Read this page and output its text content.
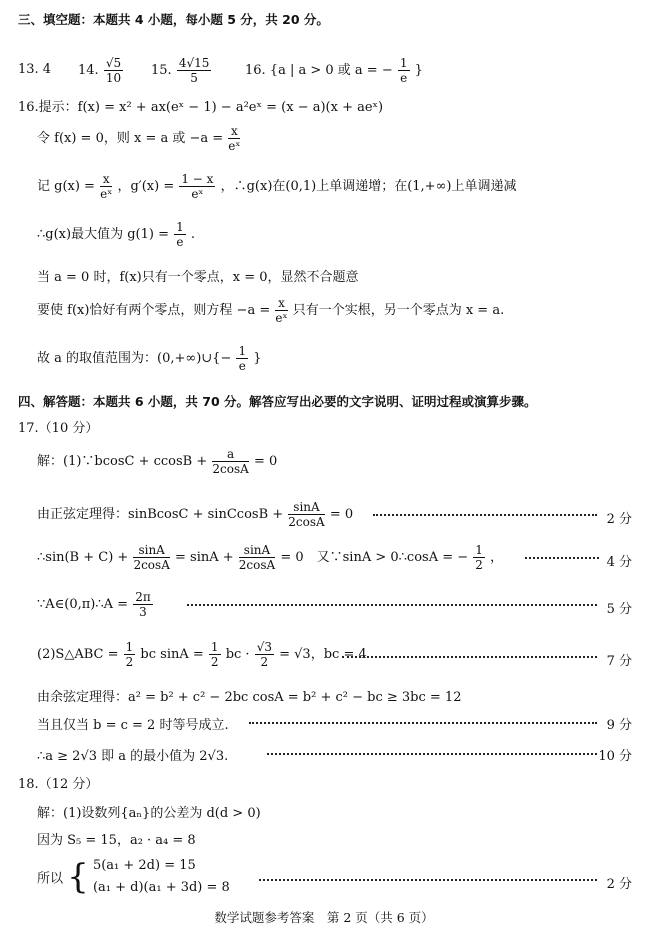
三、填空题：本题共 4 小题，每小题 5 分，共 20 分。
13. 4 14. $\frac{√5}{10} 15$. $\frac{4√15}{5}$	16. {a | a > 0 或 a = − $\frac{1}{e}$ }
16.提示：f(x) = x² + ax(eˣ − 1) − a²eˣ = (x − a)(x + aeˣ)
令 f(x) = 0，则 x = a 或 $-a = \frac{x}{\text{eˣ}}$
记 $g(x) = \frac{x}{\text{eˣ}}$ ，$g'(x) = \frac{1 - x}{\text{eˣ}}$ ，∴g(x)在(0,1)上单调递增；在(1,+∞)上单调递减
∴g(x)最大值为 $g(1) = \frac{1}{e}$ .
当 a = 0 时，f(x)只有一个零点，x = 0，显然不合题意
要使 f(x)恰好有两个零点，则方程 $-a = \frac{x}{\text{eˣ}}$ 只有一个实根，另一个零点为 x = a.
故 a 的取值范围为：(0,+∞)∪{− $\frac{1}{e}$ }
四、解答题：本题共 6 小题，共 70 分。解答应写出必要的文字说明、证明过程或演算步骤。
17.（10 分）
解：(1)∵bcosC + $ccosB + \frac{a}{2\cos A} = 0$
由正弦定理得：sinBcosC + sinCcosB + $\frac{\sin A}{2\cos A} = 0$	2 分
∴sin(B + $C) + \frac{\sin A}{2\cos A} = \sin A + \frac{\sin A}{2\cos A} = 0$　又∵sinA > 0∴cosA = − $\frac{1}{2}$ ，	4 分
∵A∈(0,π)∴A = $\frac{2\pi}{3}$	5 分
(2)S△ABC = $\frac{1}{2}$ bc $\sin A = \frac{1}{2}$ bc · $\frac{√3}{2} = √3$，bc = 4	7 分
由余弦定理得：a² = b² + c² − 2bc cosA = b² + c² − bc ≥ 3bc = 12
当且仅当 b = c = 2 时等号成立.	9 分
∴a ≥ 2√3 即 a 的最小值为 2√3.	10 分
18.（12 分）
解：(1)设数列{aₙ}的公差为 d(d > 0)
因为 S₅ = 15，a₂ · a₄ = 8
所以 { 5(a₁ + 2d) = 15
(a₁ + d)(a₁ + 3d) = 8	2 分
数学试题参考答案　第 2 页（共 6 页）
